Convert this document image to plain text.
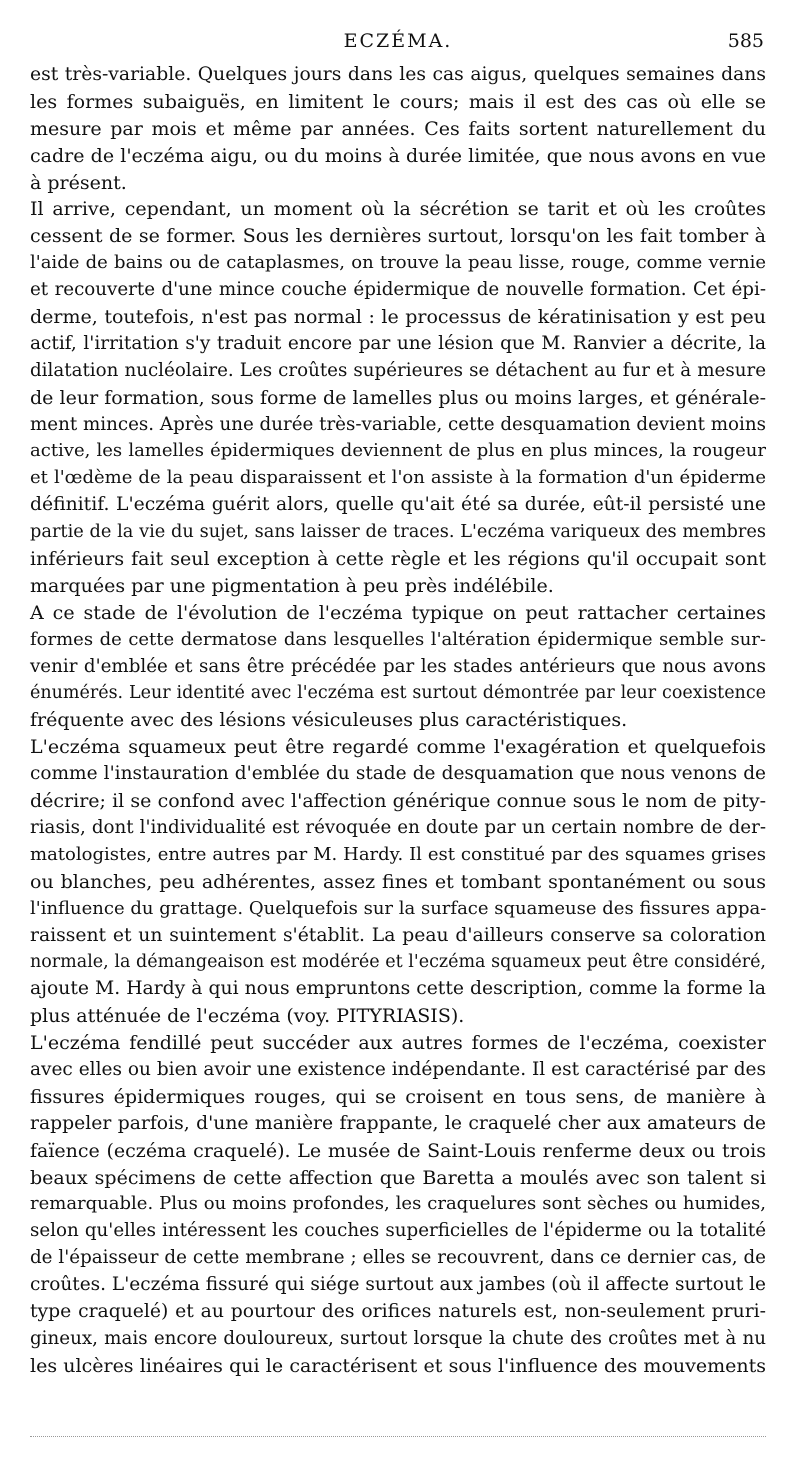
ECZÉMA.	585
est très-variable. Quelques jours dans les cas aigus, quelques semaines dans
les formes subaiguës, en limitent le cours; mais il est des cas où elle se
mesure par mois et même par années. Ces faits sortent naturellement du
cadre de l'eczéma aigu, ou du moins à durée limitée, que nous avons en vue
à présent.
Il arrive, cependant, un moment où la sécrétion se tarit et où les croûtes
cessent de se former. Sous les dernières surtout, lorsqu'on les fait tomber à
l'aide de bains ou de cataplasmes, on trouve la peau lisse, rouge, comme vernie
et recouverte d'une mince couche épidermique de nouvelle formation. Cet épi-
derme, toutefois, n'est pas normal : le processus de kératinisation y est peu
actif, l'irritation s'y traduit encore par une lésion que M. Ranvier a décrite, la
dilatation nucléolaire. Les croûtes supérieures se détachent au fur et à mesure
de leur formation, sous forme de lamelles plus ou moins larges, et générale-
ment minces. Après une durée très-variable, cette desquamation devient moins
active, les lamelles épidermiques deviennent de plus en plus minces, la rougeur
et l'œdème de la peau disparaissent et l'on assiste à la formation d'un épiderme
définitif. L'eczéma guérit alors, quelle qu'ait été sa durée, eût-il persisté une
partie de la vie du sujet, sans laisser de traces. L'eczéma variqueux des membres
inférieurs fait seul exception à cette règle et les régions qu'il occupait sont
marquées par une pigmentation à peu près indélébile.
A ce stade de l'évolution de l'eczéma typique on peut rattacher certaines
formes de cette dermatose dans lesquelles l'altération épidermique semble sur-
venir d'emblée et sans être précédée par les stades antérieurs que nous avons
énumérés. Leur identité avec l'eczéma est surtout démontrée par leur coexistence
fréquente avec des lésions vésiculeuses plus caractéristiques.
L'eczéma squameux peut être regardé comme l'exagération et quelquefois
comme l'instauration d'emblée du stade de desquamation que nous venons de
décrire; il se confond avec l'affection générique connue sous le nom de pity-
riasis, dont l'individualité est révoquée en doute par un certain nombre de der-
matologistes, entre autres par M. Hardy. Il est constitué par des squames grises
ou blanches, peu adhérentes, assez fines et tombant spontanément ou sous
l'influence du grattage. Quelquefois sur la surface squameuse des fissures appa-
raissent et un suintement s'établit. La peau d'ailleurs conserve sa coloration
normale, la démangeaison est modérée et l'eczéma squameux peut être considéré,
ajoute M. Hardy à qui nous empruntons cette description, comme la forme la
plus atténuée de l'eczéma (voy. PITYRIASIS).
L'eczéma fendillé peut succéder aux autres formes de l'eczéma, coexister
avec elles ou bien avoir une existence indépendante. Il est caractérisé par des
fissures épidermiques rouges, qui se croisent en tous sens, de manière à
rappeler parfois, d'une manière frappante, le craquelé cher aux amateurs de
faïence (eczéma craquelé). Le musée de Saint-Louis renferme deux ou trois
beaux spécimens de cette affection que Baretta a moulés avec son talent si
remarquable. Plus ou moins profondes, les craquelures sont sèches ou humides,
selon qu'elles intéressent les couches superficielles de l'épiderme ou la totalité
de l'épaisseur de cette membrane ; elles se recouvrent, dans ce dernier cas, de
croûtes. L'eczéma fissuré qui siége surtout aux jambes (où il affecte surtout le
type craquelé) et au pourtour des orifices naturels est, non-seulement pruri-
gineux, mais encore douloureux, surtout lorsque la chute des croûtes met à nu
les ulcères linéaires qui le caractérisent et sous l'influence des mouvements
